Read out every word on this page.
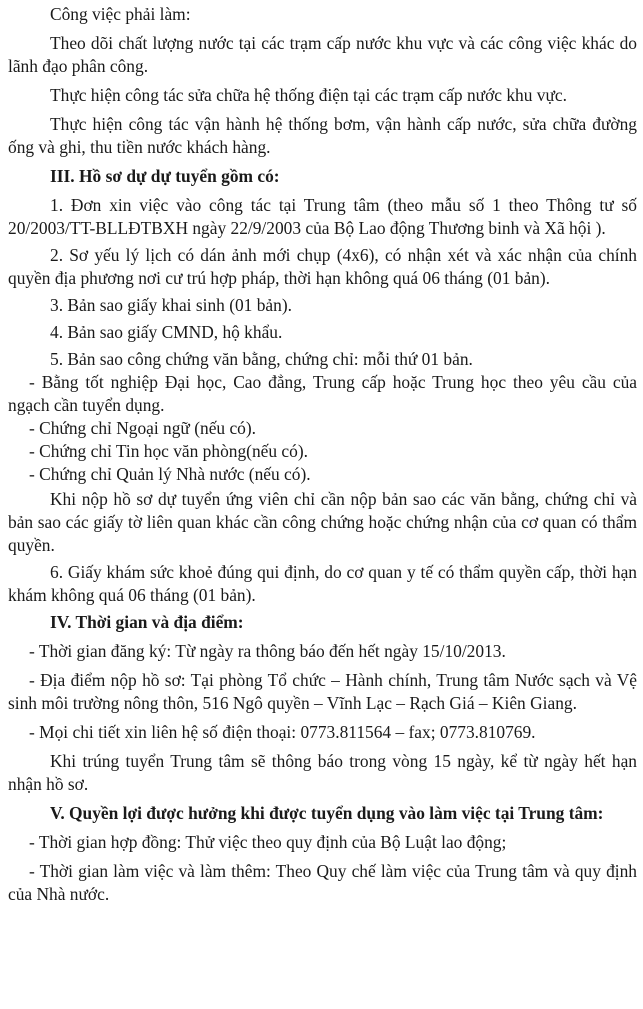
Công việc phải làm:

Theo dõi chất lượng nước tại các trạm cấp nước khu vực và các công việc khác do lãnh đạo phân công.

Thực hiện công tác sửa chữa hệ thống điện tại các trạm cấp nước khu vực.

Thực hiện công tác vận hành hệ thống bơm, vận hành cấp nước, sửa chữa đường ống và ghi, thu tiền nước khách hàng.

III. Hồ sơ dự dự tuyển gồm có:

1. Đơn xin việc vào công tác tại Trung tâm (theo mẫu số 1 theo Thông tư số 20/2003/TT-BLLĐTBXH ngày 22/9/2003 của Bộ Lao động Thương binh và Xã hội ).

2. Sơ yếu lý lịch có dán ảnh mới chụp (4x6), có nhận xét và xác nhận của chính quyền địa phương nơi cư trú hợp pháp, thời hạn không quá 06 tháng (01 bản).

3. Bản sao giấy khai sinh (01 bản).

4. Bản sao giấy CMND, hộ khẩu.

5. Bản sao công chứng văn bằng, chứng chỉ: mỗi thứ 01 bản.

- Bằng tốt nghiệp Đại học, Cao đẳng, Trung cấp hoặc Trung học theo yêu cầu của ngạch cần tuyển dụng.

- Chứng chỉ Ngoại ngữ (nếu có).

- Chứng chỉ Tin học văn phòng(nếu có).

- Chứng chỉ Quản lý Nhà nước (nếu có).

Khi nộp hồ sơ dự tuyển ứng viên chỉ cần nộp bản sao các văn bằng, chứng chỉ và bản sao các giấy tờ liên quan khác cần công chứng hoặc chứng nhận của cơ quan có thẩm quyền.

6. Giấy khám sức khoẻ đúng qui định, do cơ quan y tế có thẩm quyền cấp, thời hạn khám không quá 06 tháng (01 bản).

IV. Thời gian và địa điểm:

- Thời gian đăng ký: Từ ngày ra thông báo đến hết ngày 15/10/2013.

- Địa điểm nộp hồ sơ: Tại phòng Tổ chức – Hành chính, Trung tâm Nước sạch và Vệ sinh môi trường nông thôn, 516 Ngô quyền – Vĩnh Lạc – Rạch Giá – Kiên Giang.

- Mọi chi tiết xin liên hệ số điện thoại: 0773.811564 – fax; 0773.810769.

Khi trúng tuyển Trung tâm sẽ thông báo trong vòng 15 ngày, kể từ ngày hết hạn nhận hồ sơ.

V. Quyền lợi được hưởng khi được tuyển dụng vào làm việc tại Trung tâm:

- Thời gian hợp đồng: Thử việc theo quy định của Bộ Luật lao động;

- Thời gian làm việc và làm thêm: Theo Quy chế làm việc của Trung tâm và quy định của Nhà nước.
